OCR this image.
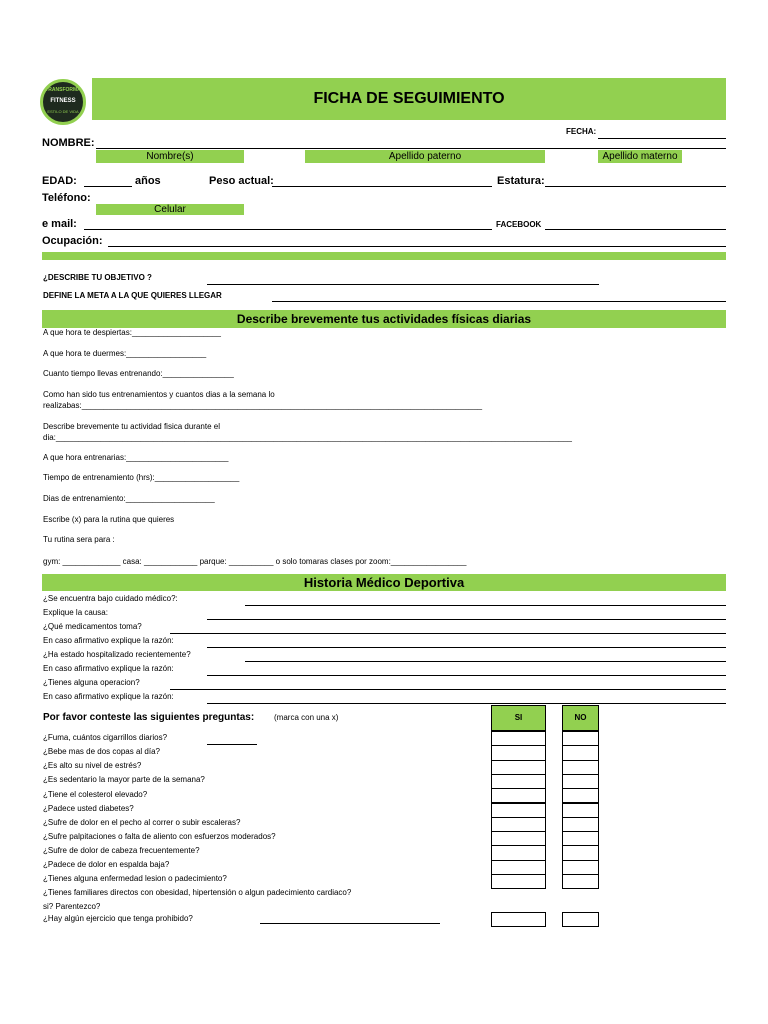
TRANSFORMA
FITNESS
ESTILO DE VIDA
FICHA DE SEGUIMIENTO
FECHA:
NOMBRE:
Nombre(s)	Apellido paterno	Apellido materno
EDAD:	años	Peso actual:	Estatura:
Teléfono:
Celular
e mail:	FACEBOOK
Ocupación:
¿DESCRIBE TU OBJETIVO ?
DEFINE LA META A LA QUE QUIERES LLEGAR
Describe brevemente tus actividades físicas diarias
A que hora te despiertas:____________________
A que hora te duermes:__________________
Cuanto tiempo llevas entrenando:________________
Como han sido tus entrenamientos y cuantos dias a la semana lo
realizabas:__________________________________________________________________________________________
Describe brevemente tu actividad fisica durante el
dia:____________________________________________________________________________________________________________________
A que hora entrenarias:_______________________
Tiempo de entrenamiento (hrs):___________________
Dias de entrenamiento:____________________
Escribe (x) para la rutina que quieres
Tu rutina sera para :
gym: _____________ casa: ____________ parque: __________ o solo tomaras clases por zoom:_________________
Historia Médico Deportiva
¿Se encuentra bajo cuidado médico?:
Explique la causa:
¿Qué medicamentos toma?
En caso afirmativo explique la razón:
¿Ha estado hospitalizado recientemente?
En caso afirmativo explique la razón:
¿Tienes alguna operacion?
En caso afirmativo explique la razón:
Por favor conteste las siguientes preguntas: (marca con una x)	SI	NO
¿Fuma, cuántos cigarrillos diarios?
¿Bebe mas de dos copas al día?
¿Es alto su nivel de estrés?
¿Es sedentario la mayor parte de la semana?
¿Tiene el colesterol elevado?
¿Padece usted diabetes?
¿Sufre de dolor en el pecho al correr o subir escaleras?
¿Sufre palpitaciones o falta de aliento con esfuerzos moderados?
¿Sufre de dolor de cabeza frecuentemente?
¿Padece de dolor en espalda baja?
¿Tienes alguna enfermedad lesion o padecimiento?
¿Tienes familiares directos con obesidad, hipertensión o algun padecimiento cardiaco?
si? Parentezco?
¿Hay algún ejercicio que tenga prohibido?
